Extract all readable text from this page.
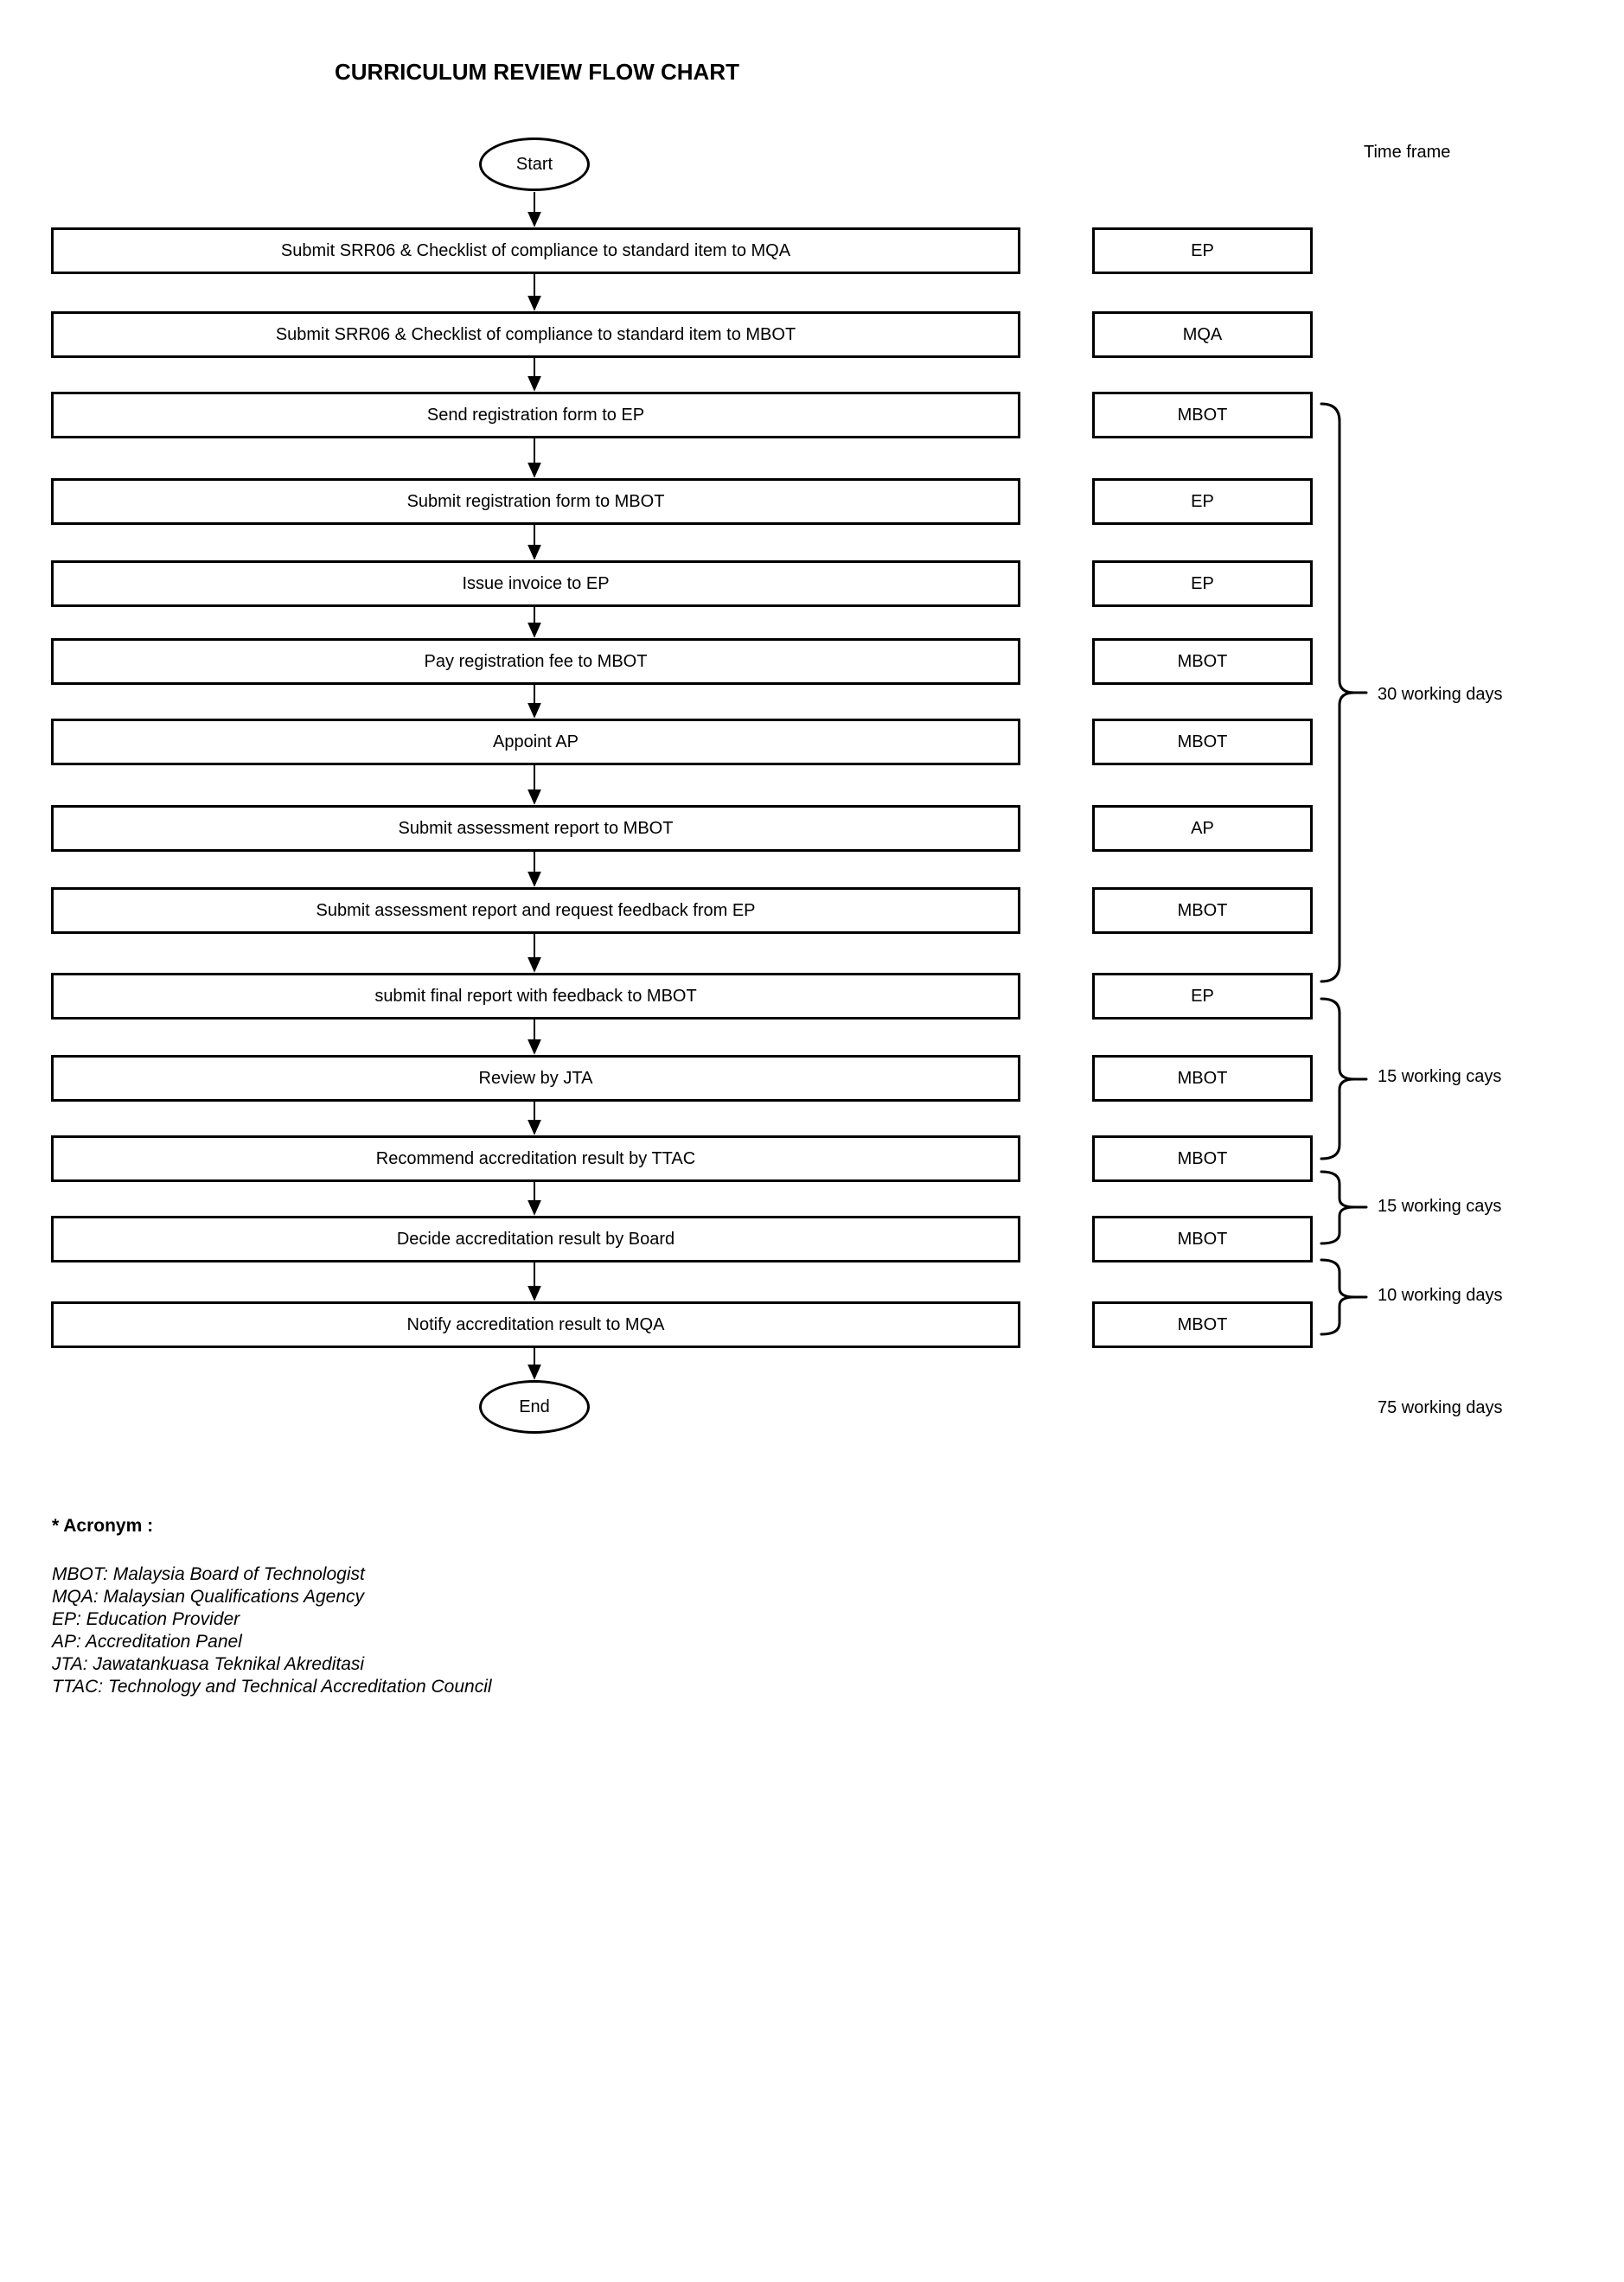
CURRICULUM REVIEW FLOW CHART
Time frame
Start
End
Submit SRR06 & Checklist of compliance to standard item to MQA
Submit SRR06 & Checklist of compliance to standard item to MBOT
Send registration form to EP
Submit registration form to MBOT
Issue invoice to EP
Pay registration fee to MBOT
Appoint AP
Submit assessment report to MBOT
Submit assessment report and request feedback from EP
submit final report with feedback to MBOT
Review by JTA
Recommend accreditation result by TTAC
Decide accreditation result by Board
Notify accreditation result to MQA
EP
MQA
MBOT
EP
EP
MBOT
MBOT
AP
MBOT
EP
MBOT
MBOT
MBOT
MBOT
30 working days
15 working cays
15 working cays
10 working days
75 working days
* Acronym :
MBOT: Malaysia Board of Technologist
MQA: Malaysian Qualifications Agency
EP: Education Provider
AP: Accreditation Panel
JTA: Jawatankuasa Teknikal Akreditasi
TTAC: Technology and Technical Accreditation Council
